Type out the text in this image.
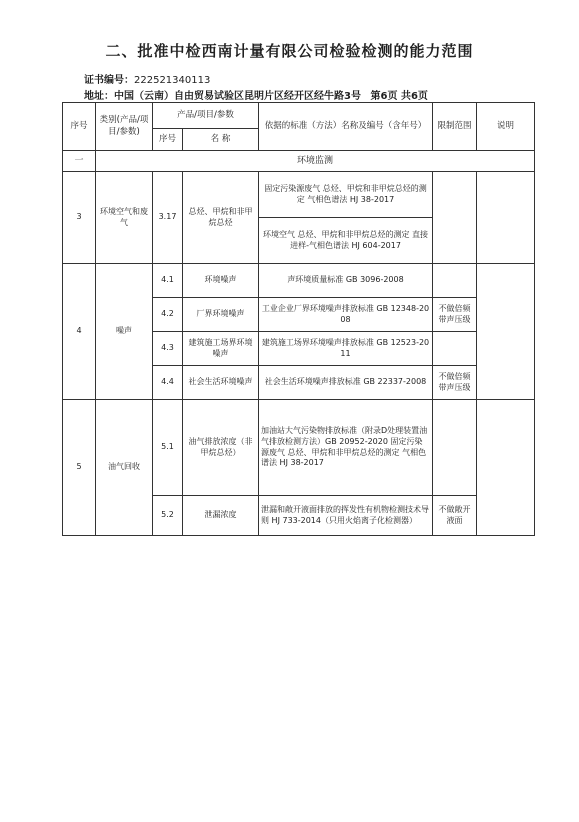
二、批准中检西南计量有限公司检验检测的能力范围
证书编号：222521340113
地址：中国（云南）自由贸易试验区昆明片区经开区经牛路3号 第6页 共6页
序号	类别(产品/项目/参数)	产品/项目/参数		依据的标准（方法）名称及编号（含年号）	限制范围	说明
		序号	名 称			
一	环境监测					
3	环境空气和废气	3.17	总烃、甲烷和非甲烷总烃	固定污染源废气 总烃、甲烷和非甲烷总烃的测定 气相色谱法 HJ 38-2017		
				环境空气 总烃、甲烷和非甲烷总烃的测定 直接进样-气相色谱法 HJ 604-2017		
4	噪声	4.1	环境噪声	声环境质量标准 GB 3096-2008		
		4.2	厂界环境噪声	工业企业厂界环境噪声排放标准 GB 12348-2008	不做倍频带声压级	
		4.3	建筑施工场界环境噪声	建筑施工场界环境噪声排放标准 GB 12523-2011		
		4.4	社会生活环境噪声	社会生活环境噪声排放标准 GB 22337-2008	不做倍频带声压级	
5	油气回收	5.1	油气排放浓度（非甲烷总烃）	加油站大气污染物排放标准（附录D处理装置油气排放检测方法）GB 20952-2020 固定污染源废气 总烃、甲烷和非甲烷总烃的测定 气相色谱法 HJ 38-2017		
		5.2	泄漏浓度	泄漏和敞开液面排放的挥发性有机物检测技术导则 HJ 733-2014（只用火焰离子化检测器）	不做敞开液面	
